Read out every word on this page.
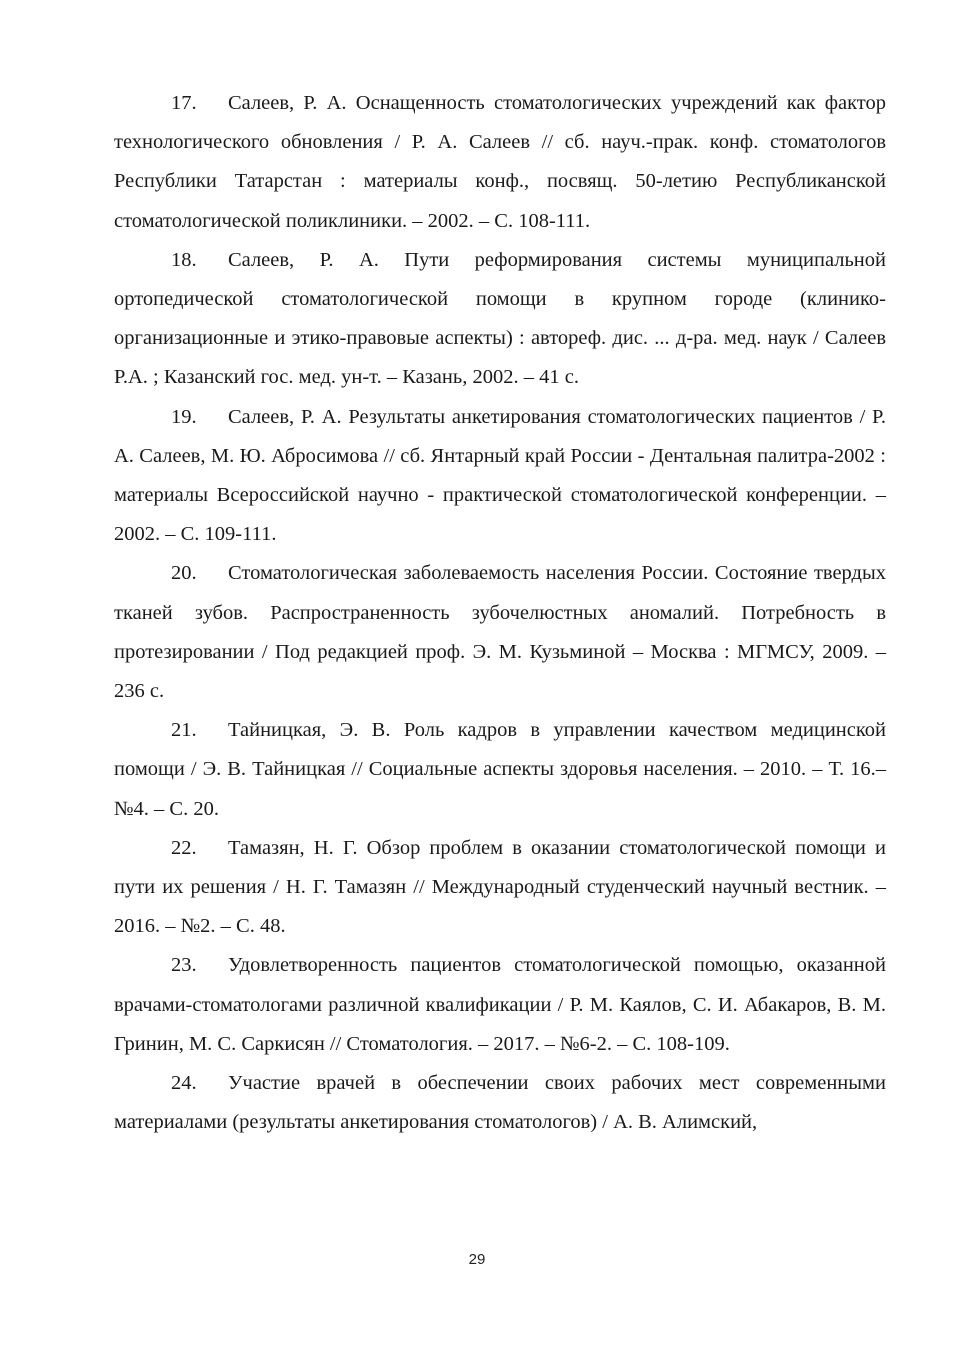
17. Салеев, Р. А. Оснащенность стоматологических учреждений как фактор технологического обновления / Р. А. Салеев // сб. науч.-прак. конф. стоматологов Республики Татарстан : материалы конф., посвящ. 50-летию Республиканской стоматологической поликлиники. – 2002. – С. 108-111.

18. Салеев, Р. А. Пути реформирования системы муниципальной ортопедической стоматологической помощи в крупном городе (клинико-организационные и этико-правовые аспекты) : автореф. дис. ... д-ра. мед. наук / Салеев Р.А. ; Казанский гос. мед. ун-т. – Казань, 2002. – 41 с.

19. Салеев, Р. А. Результаты анкетирования стоматологических пациентов / Р. А. Салеев, М. Ю. Абросимова // сб. Янтарный край России - Дентальная палитра-2002 : материалы Всероссийской научно - практической стоматологической конференции. – 2002. – С. 109-111.

20. Стоматологическая заболеваемость населения России. Состояние твердых тканей зубов. Распространенность зубочелюстных аномалий. Потребность в протезировании / Под редакцией проф. Э. М. Кузьминой – Москва : МГМСУ, 2009. – 236 с.

21. Тайницкая, Э. В. Роль кадров в управлении качеством медицинской помощи / Э. В. Тайницкая // Социальные аспекты здоровья населения. – 2010. – Т. 16.– №4. – С. 20.

22. Тамазян, Н. Г. Обзор проблем в оказании стоматологической помощи и пути их решения / Н. Г. Тамазян // Международный студенческий научный вестник. – 2016. – №2. – С. 48.

23. Удовлетворенность пациентов стоматологической помощью, оказанной врачами-стоматологами различной квалификации / Р. М. Каялов, С. И. Абакаров, В. М. Гринин, М. С. Саркисян // Стоматология. – 2017. – №6-2. – С. 108-109.

24. Участие врачей в обеспечении своих рабочих мест современными материалами (результаты анкетирования стоматологов) / А. В. Алимский,

29
